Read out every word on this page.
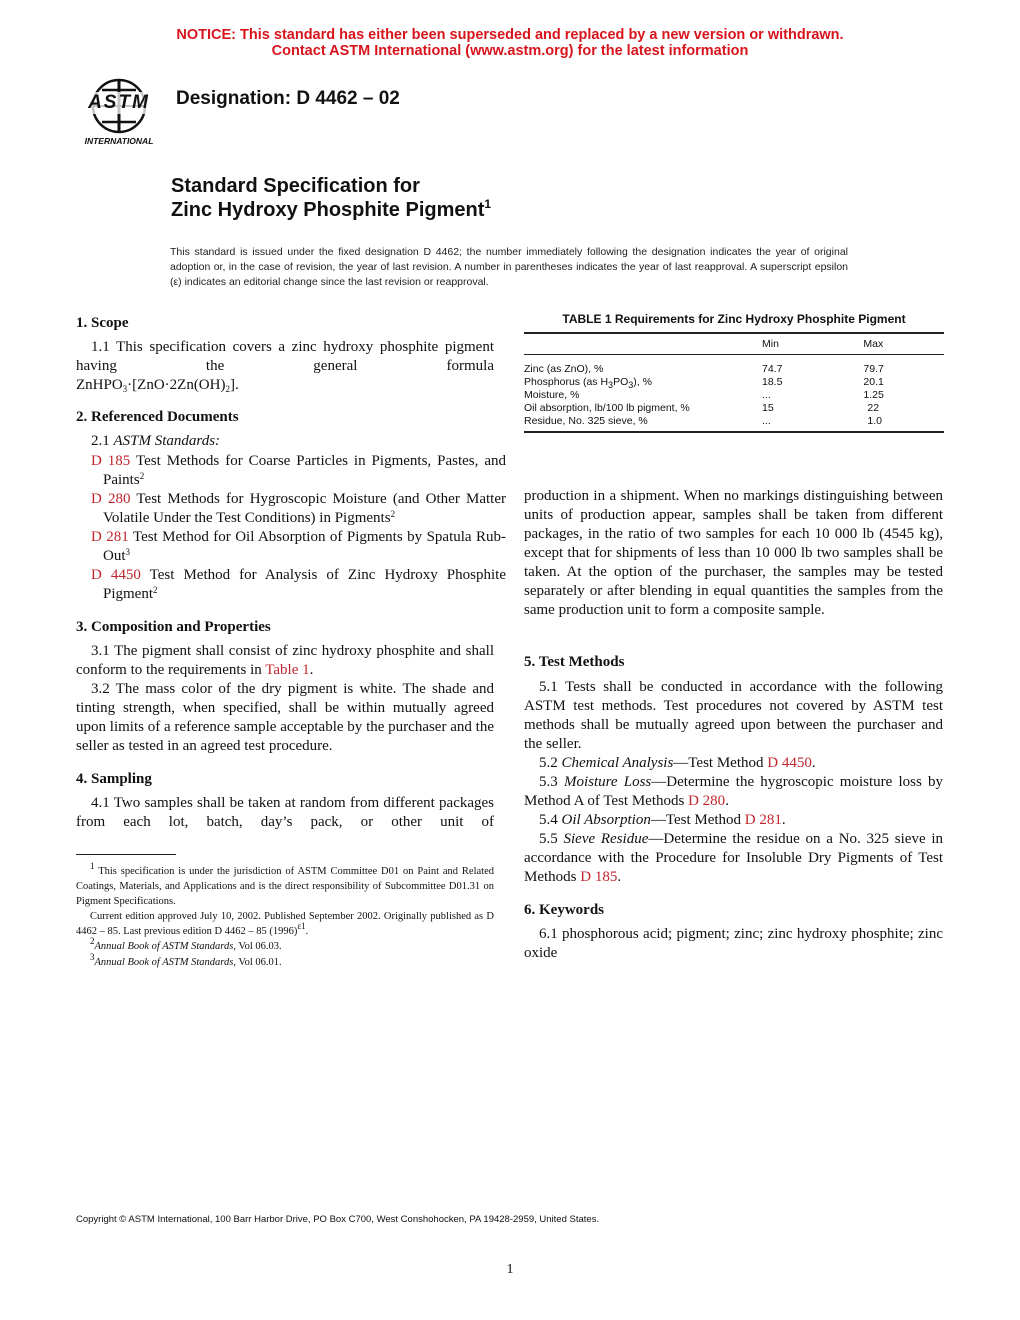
NOTICE: This standard has either been superseded and replaced by a new version or withdrawn.
Contact ASTM International (www.astm.org) for the latest information
ASTM
INTERNATIONAL
Designation: D 4462 – 02
Standard Specification for
Zinc Hydroxy Phosphite Pigment$^1$
This standard is issued under the fixed designation D 4462; the number immediately following the designation indicates the year of original adoption or, in the case of revision, the year of last revision. A number in parentheses indicates the year of last reapproval. A superscript epsilon (ε) indicates an editorial change since the last revision or reapproval.
1. Scope

1.1 This specification covers a zinc hydroxy phosphite pigment having the general formula

$ZnHPO_3\cdot[ZnO\cdot 2Zn(OH)_2]$.
2. Referenced Documents
2.1 ASTM Standards:
D 185 Test Methods for Coarse Particles in Pigments, Pastes, and Paints$^2$
D 280 Test Methods for Hygroscopic Moisture (and Other Matter Volatile Under the Test Conditions) in Pigments$^2$
D 281 Test Method for Oil Absorption of Pigments by Spatula Rub-Out$^3$
D 4450 Test Method for Analysis of Zinc Hydroxy Phosphite Pigment$^2$
3. Composition and Properties

3.1 The pigment shall consist of zinc hydroxy phosphite and shall conform to the requirements in Table 1.

3.2 The mass color of the dry pigment is white. The shade and tinting strength, when specified, shall be within mutually agreed upon limits of a reference sample acceptable by the purchaser and the seller as tested in an agreed test procedure.

4. Sampling

4.1 Two samples shall be taken at random from different packages from each lot, batch, day’s pack, or other unit of

$^1$ This specification is under the jurisdiction of ASTM Committee D01 on Paint and Related Coatings, Materials, and Applications and is the direct responsibility of Subcommittee D01.31 on Pigment Specifications.
Current edition approved July 10, 2002. Published September 2002. Originally published as D 4462 – 85. Last previous edition D 4462 – 85 $(1996)^{\varepsilon 1}$.
$^2$Annual Book of ASTM Standards, Vol 06.03.
$^3$Annual Book of ASTM Standards, Vol 06.01.
TABLE 1 Requirements for Zinc Hydroxy Phosphite Pigment
	Min	Max
Zinc (as ZnO), %	74.7	79.7
Phosphorus (as $H_3PO_3$), %	18.5	20.1
Moisture, %	...	1.25
Oil absorption, lb/100 lb pigment, %	15	22
Residue, No. 325 sieve, %	...	1.0

production in a shipment. When no markings distinguishing between units of production appear, samples shall be taken from different packages, in the ratio of two samples for each 10 000 lb (4545 kg), except that for shipments of less than 10 000 lb two samples shall be taken. At the option of the purchaser, the samples may be tested separately or after blending in equal quantities the samples from the same production unit to form a composite sample.

5. Test Methods

5.1 Tests shall be conducted in accordance with the following ASTM test methods. Test procedures not covered by ASTM test methods shall be mutually agreed upon between the purchaser and the seller.

5.2 Chemical Analysis—Test Method D 4450.

5.3 Moisture Loss—Determine the hygroscopic moisture loss by Method A of Test Methods D 280.

5.4 Oil Absorption—Test Method D 281.

5.5 Sieve Residue—Determine the residue on a No. 325 sieve in accordance with the Procedure for Insoluble Dry Pigments of Test Methods D 185.

6. Keywords

6.1 phosphorous acid; pigment; zinc; zinc hydroxy phosphite; zinc oxide

Copyright © ASTM International, 100 Barr Harbor Drive, PO Box C700, West Conshohocken, PA 19428-2959, United States.
1
